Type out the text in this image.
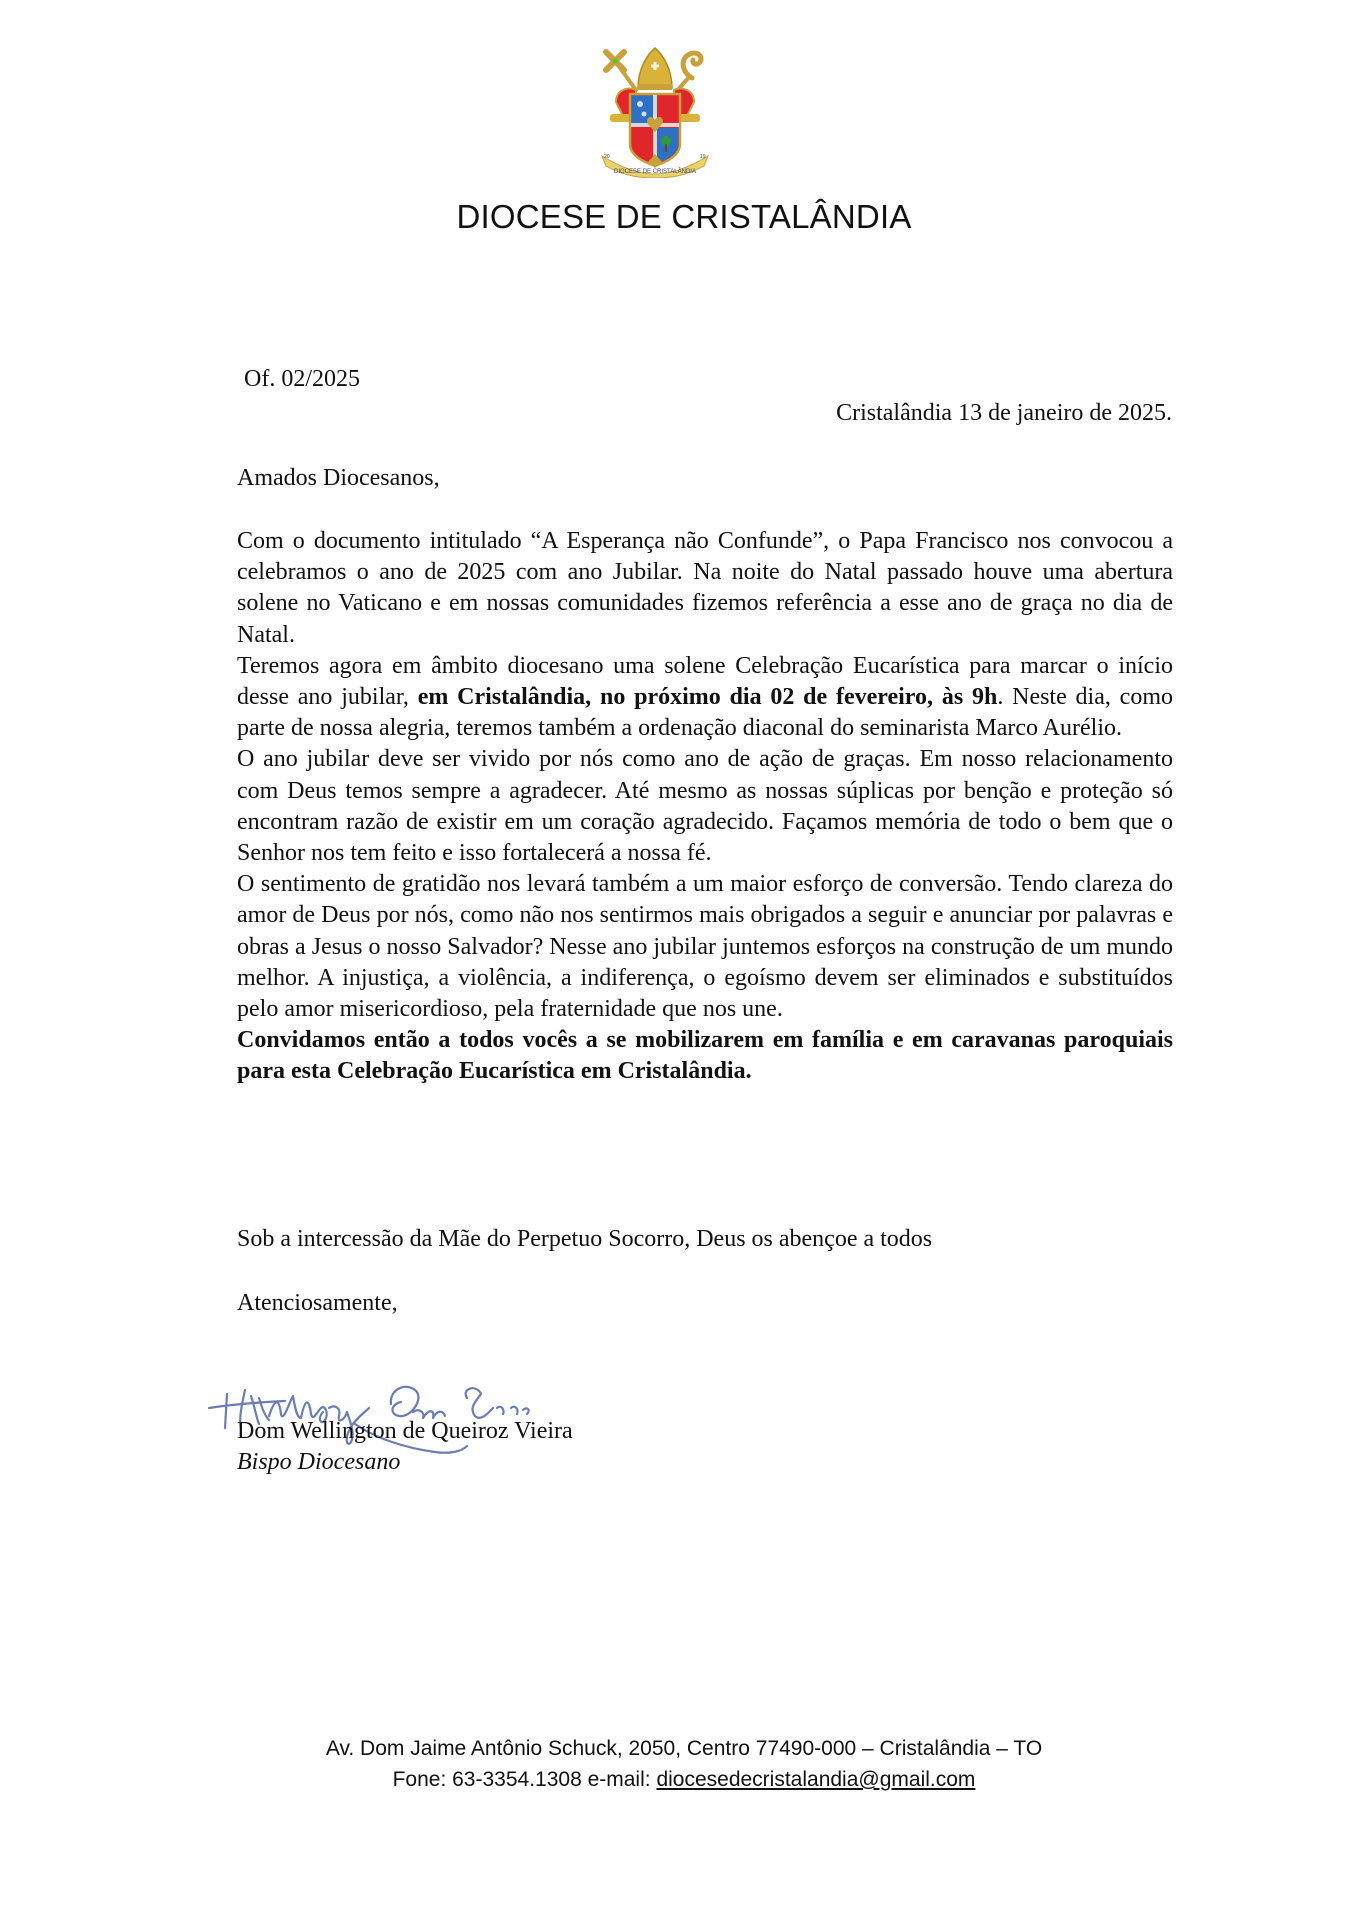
DIOCESE DE CRISTALÂNDIA
20	19
DIOCESE DE CRISTALÂNDIA
Of. 02/2025
Cristalândia 13 de janeiro de 2025.
Amados Diocesanos,

Com o documento intitulado “A Esperança não Confunde”, o Papa Francisco nos convocou a celebramos o ano de 2025 com ano Jubilar. Na noite do Natal passado houve uma abertura solene no Vaticano e em nossas comunidades fizemos referência a esse ano de graça no dia de Natal.

Teremos agora em âmbito diocesano uma solene Celebração Eucarística para marcar o início desse ano jubilar, em Cristalândia, no próximo dia 02 de fevereiro, às 9h. Neste dia, como parte de nossa alegria, teremos também a ordenação diaconal do seminarista Marco Aurélio.

O ano jubilar deve ser vivido por nós como ano de ação de graças. Em nosso relacionamento com Deus temos sempre a agradecer. Até mesmo as nossas súplicas por benção e proteção só encontram razão de existir em um coração agradecido. Façamos memória de todo o bem que o Senhor nos tem feito e isso fortalecerá a nossa fé.

O sentimento de gratidão nos levará também a um maior esforço de conversão. Tendo clareza do amor de Deus por nós, como não nos sentirmos mais obrigados a seguir e anunciar por palavras e obras a Jesus o nosso Salvador? Nesse ano jubilar juntemos esforços na construção de um mundo melhor. A injustiça, a violência, a indiferença, o egoísmo devem ser eliminados e substituídos pelo amor misericordioso, pela fraternidade que nos une.

Convidamos então a todos vocês a se mobilizarem em família e em caravanas paroquiais para esta Celebração Eucarística em Cristalândia.

Sob a intercessão da Mãe do Perpetuo Socorro, Deus os abençoe a todos
Atenciosamente,
Dom Wellington de Queiroz Vieira
Bispo Diocesano
Av. Dom Jaime Antônio Schuck, 2050, Centro 77490-000 – Cristalândia – TO
Fone: 63-3354.1308 e-mail: diocesedecristalandia@gmail.com
